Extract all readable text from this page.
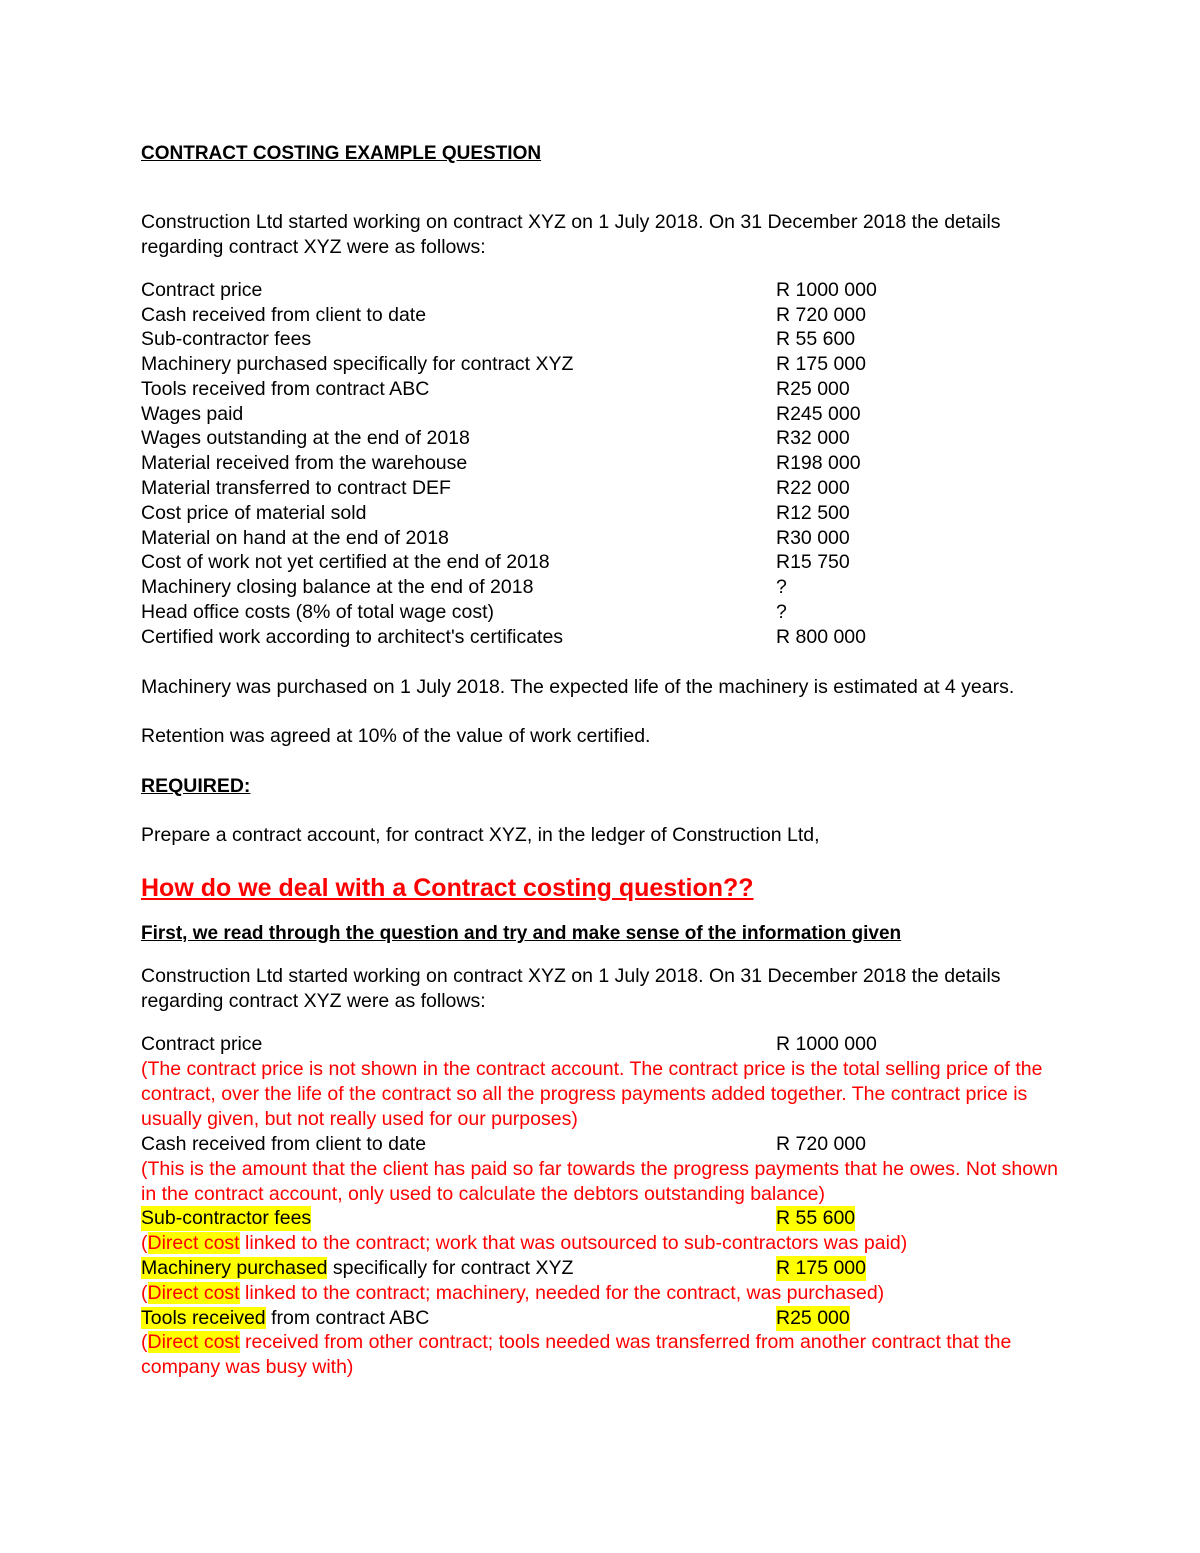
CONTRACT COSTING EXAMPLE QUESTION

Construction Ltd started working on contract XYZ on 1 July 2018. On 31 December 2018 the details regarding contract XYZ were as follows:

Contract price	R 1000 000
Cash received from client to date	R 720 000
Sub-contractor fees	R 55 600
Machinery purchased specifically for contract XYZ	R 175 000
Tools received from contract ABC	R25 000
Wages paid	R245 000
Wages outstanding at the end of 2018	R32 000
Material received from the warehouse	R198 000
Material transferred to contract DEF	R22 000
Cost price of material sold	R12 500
Material on hand at the end of 2018	R30 000
Cost of work not yet certified at the end of 2018	R15 750
Machinery closing balance at the end of 2018	?
Head office costs (8% of total wage cost)	?
Certified work according to architect's certificates	R 800 000

Machinery was purchased on 1 July 2018. The expected life of the machinery is estimated at 4 years.

Retention was agreed at 10% of the value of work certified.

REQUIRED:

Prepare a contract account, for contract XYZ, in the ledger of Construction Ltd,

How do we deal with a Contract costing question??
First, we read through the question and try and make sense of the information given

Construction Ltd started working on contract XYZ on 1 July 2018. On 31 December 2018 the details regarding contract XYZ were as follows:

Contract price	R 1000 000

(The contract price is not shown in the contract account. The contract price is the total selling price of the contract, over the life of the contract so all the progress payments added together. The contract price is usually given, but not really used for our purposes)

Cash received from client to date	R 720 000

(This is the amount that the client has paid so far towards the progress payments that he owes. Not shown in the contract account, only used to calculate the debtors outstanding balance)

Sub-contractor fees	R 55 600

(Direct cost linked to the contract; work that was outsourced to sub-contractors was paid)

Machinery purchased specifically for contract XYZ	R 175 000

(Direct cost linked to the contract; machinery, needed for the contract, was purchased)

Tools received from contract ABC	R25 000

(Direct cost received from other contract; tools needed was transferred from another contract that the company was busy with)
